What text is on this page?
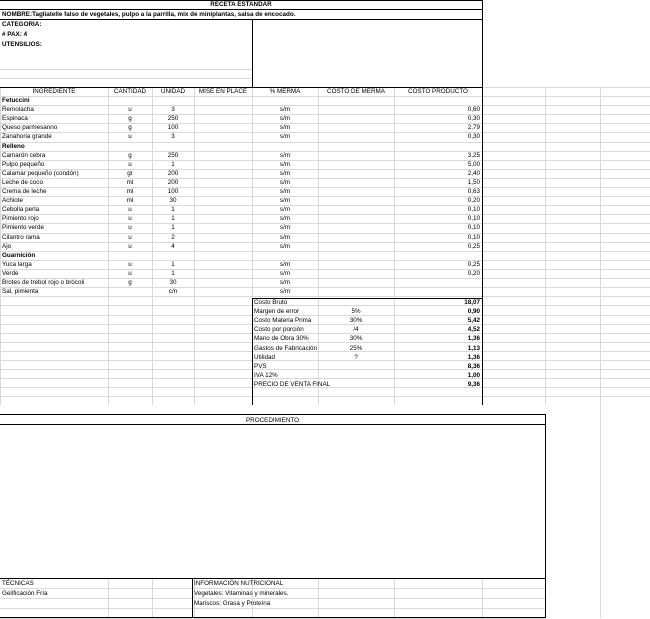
RECETA ESTANDAR
NOMBRE:Tagliatelle falso de vegetales, pulpo a la parrilla, mix de miniplantas, salsa de encocado.
CATEGORIA:
# PAX: 4
UTENSILIOS:
INGREDIENTE	CANTIDAD	UNIDAD	MISE EN PLACE	% MERMA	COSTO DE MERMA	COSTO PRODUCTO
Fetuccini
Remolacha	u	3	s/m	0,60
Espinaca	g	250	s/m	0,30
Queso parmesanno	g	100	s/m	2,79
Zanahoria grande	u	3	s/m	0,30
Relleno
Camarón cebra	g	250	s/m	3,25
Pulpo pequeño	u	1	s/m	5,00
Calamar pequeño (condón)	gr	200	s/m	2,40
Leche de coco	ml	200	s/m	1,50
Crema de leche	ml	100	s/m	0,63
Achiote	ml	30	s/m	0,20
Cebolla perla	u	1	s/m	0,10
Pimiento rojo	u	1	s/m	0,10
Pimiento verde	u	1	s/m	0,10
Cilantro rama	u	2	s/m	0,10
Ajo	u	4	s/m	0,25
Guarnición
Yuca larga	u	1	s/m	0,25
Verde	u	1	s/m	0,20
Brotes de trebol rojo o brócoli	g	30	s/m
Sal, pimienta	c/n	s/m
Costo Bruto	18,07
Margen de error	5%	0,90
Costo Materia Prima	30%	5,42
Costo por porción	/4	4,52
Mano de Obra 30%	30%	1,36
Gastos de Fabricación	25%	1,13
Utilidad	?	1,36
PVS	8,36
IVA 12%	1,00
PRECIO DE VENTA FINAL	9,36
PROCEDIMIENTO
TÉCNICAS
Gelificación Fría
INFORMACIÓN NUTRICIONAL
Vegetales: Vitaminas y minerales.
Mariscos: Grasa y Proteína
